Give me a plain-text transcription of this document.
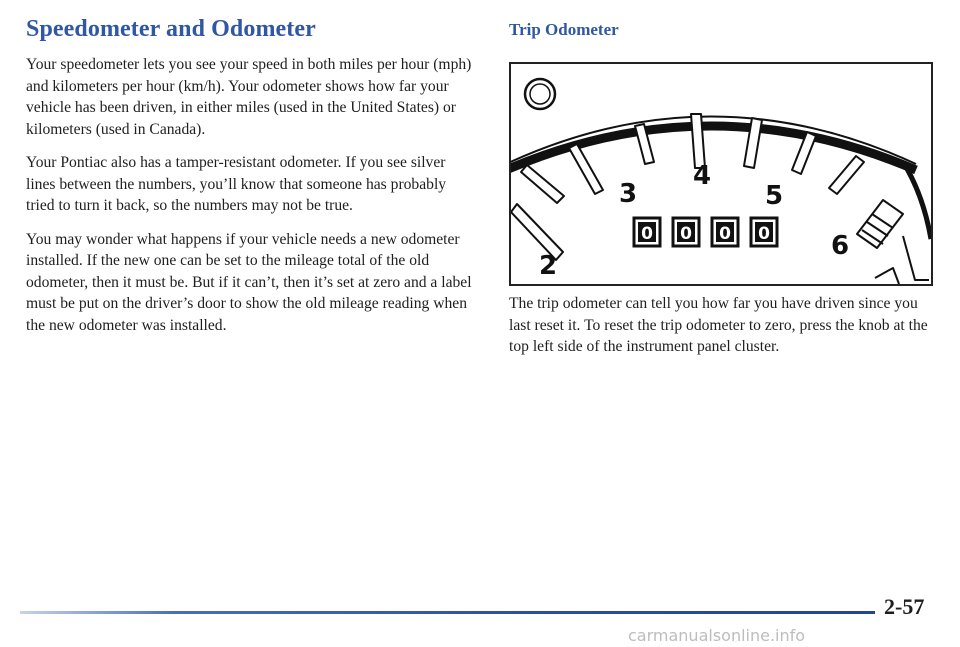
Speedometer and Odometer

Your speedometer lets you see your speed in both miles per hour (mph) and kilometers per hour (km/h). Your odometer shows how far your vehicle has been driven, in either miles (used in the United States) or kilometers (used in Canada).

Your Pontiac also has a tamper-resistant odometer. If you see silver lines between the numbers, you’ll know that someone has probably tried to turn it back, so the numbers may not be true.

You may wonder what happens if your vehicle needs a new odometer installed. If the new one can be set to the mileage total of the old odometer, then it must be. But if it can’t, then it’s set at zero and a label must be put on the driver’s door to show the old mileage reading when the new odometer was installed.

Trip Odometer
2
3
4
5
6
0 0 0 0

The trip odometer can tell you how far you have driven since you last reset it. To reset the trip odometer to zero, press the knob at the top left side of the instrument panel cluster.

2-57
carmanualsonline.info
